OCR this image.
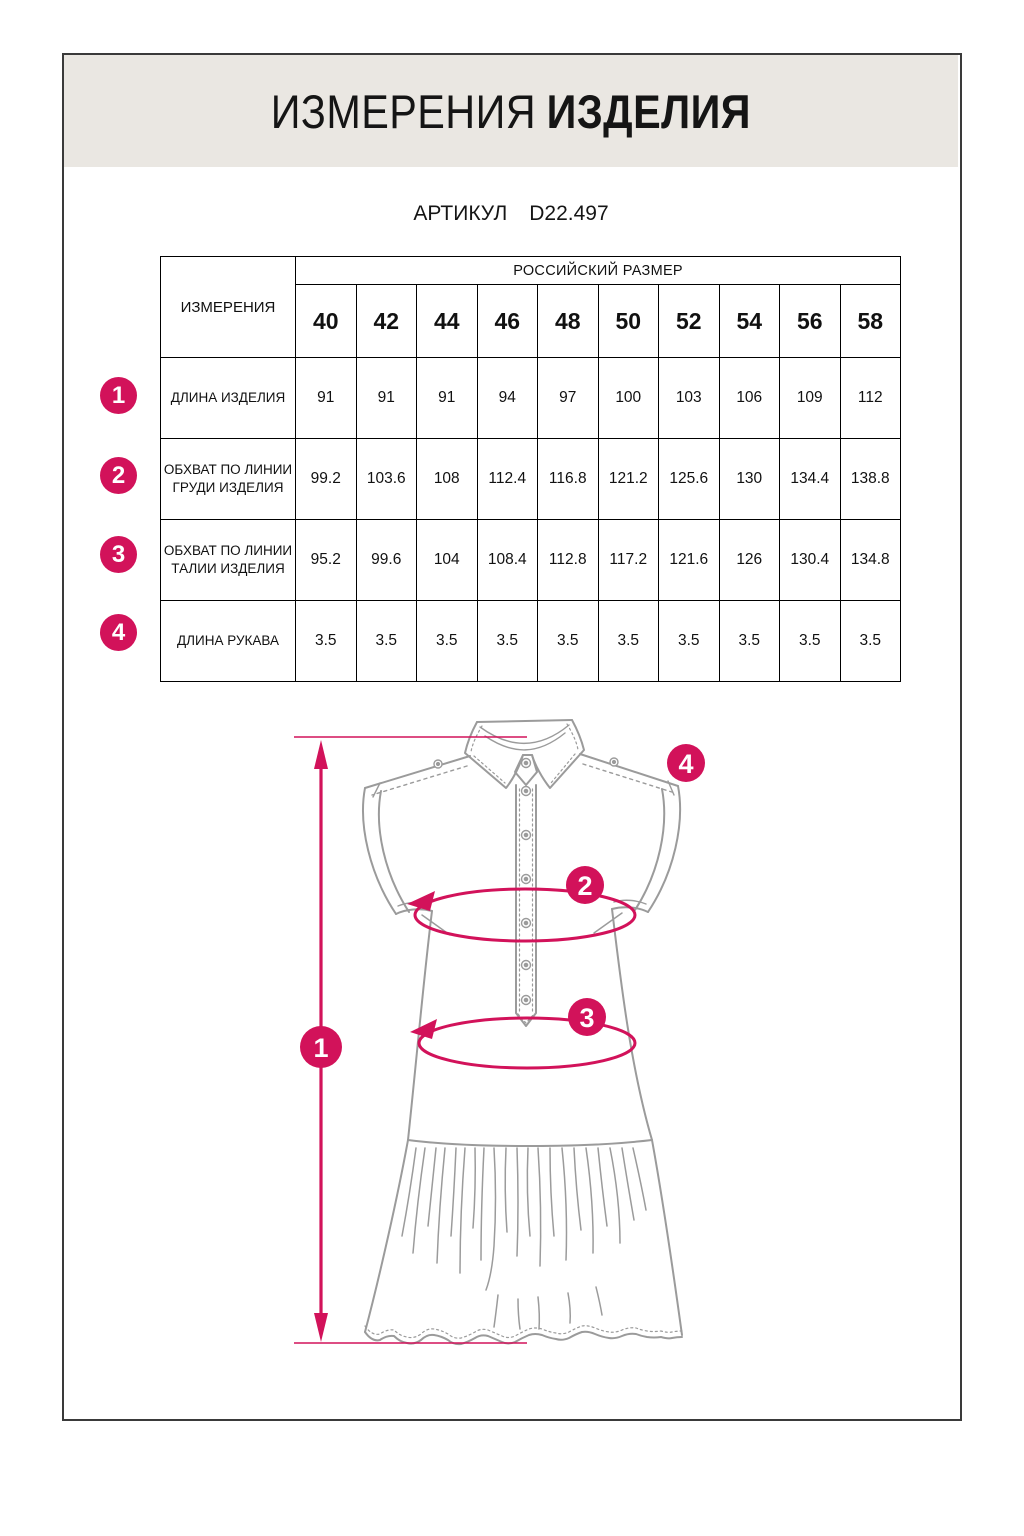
ИЗМЕРЕНИЯ ИЗДЕЛИЯ
АРТИКУЛ D22.497
ИЗМЕРЕНИЯ	РОССИЙСКИЙ РАЗМЕР									
	40	42	44	46	48	50	52	54	56	58
ДЛИНА ИЗДЕЛИЯ	91	91	91	94	97	100	103	106	109	112
ОБХВАТ ПО ЛИНИИ ГРУДИ ИЗДЕЛИЯ	99.2	103.6	108	112.4	116.8	121.2	125.6	130	134.4	138.8
ОБХВАТ ПО ЛИНИИ ТАЛИИ ИЗДЕЛИЯ	95.2	99.6	104	108.4	112.8	117.2	121.6	126	130.4	134.8
ДЛИНА РУКАВА	3.5	3.5	3.5	3.5	3.5	3.5	3.5	3.5	3.5	3.5
1
2
3
4
1
2
3
4
